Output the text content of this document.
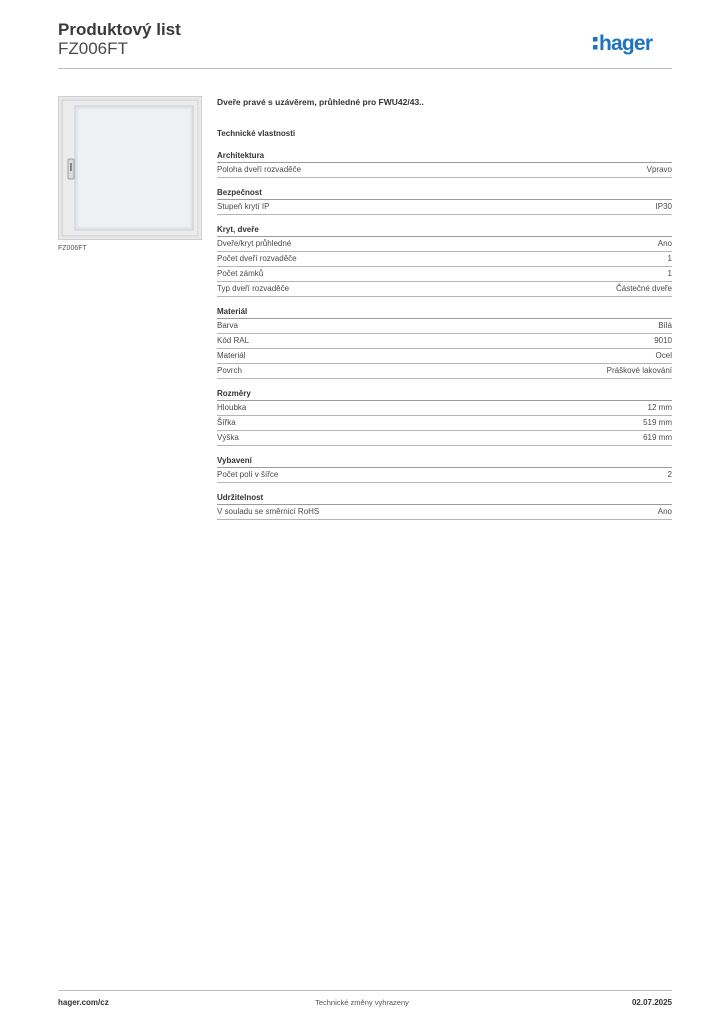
Produktový list
FZ006FT	hager
FZ006FT
Dveře pravé s uzávěrem, průhledné pro FWU42/43..
Technické vlastnosti
Architektura
Poloha dveří rozvaděče	Vpravo
Bezpečnost
Stupeň krytí IP	IP30
Kryt, dveře
Dveře/kryt průhledné	Ano
Počet dveří rozvaděče	1
Počet zámků	1
Typ dveří rozvaděče	Částečné dveře
Materiál
Barva	Bílá
Kód RAL	9010
Materiál	Ocel
Povrch	Práškové lakování
Rozměry
Hloubka	12 mm
Šířka	519 mm
Výška	619 mm
Vybavení
Počet polí v šířce	2
Udržitelnost
V souladu se směrnicí RoHS	Ano
hager.com/cz	Technické změny vyhrazeny	02.07.2025
